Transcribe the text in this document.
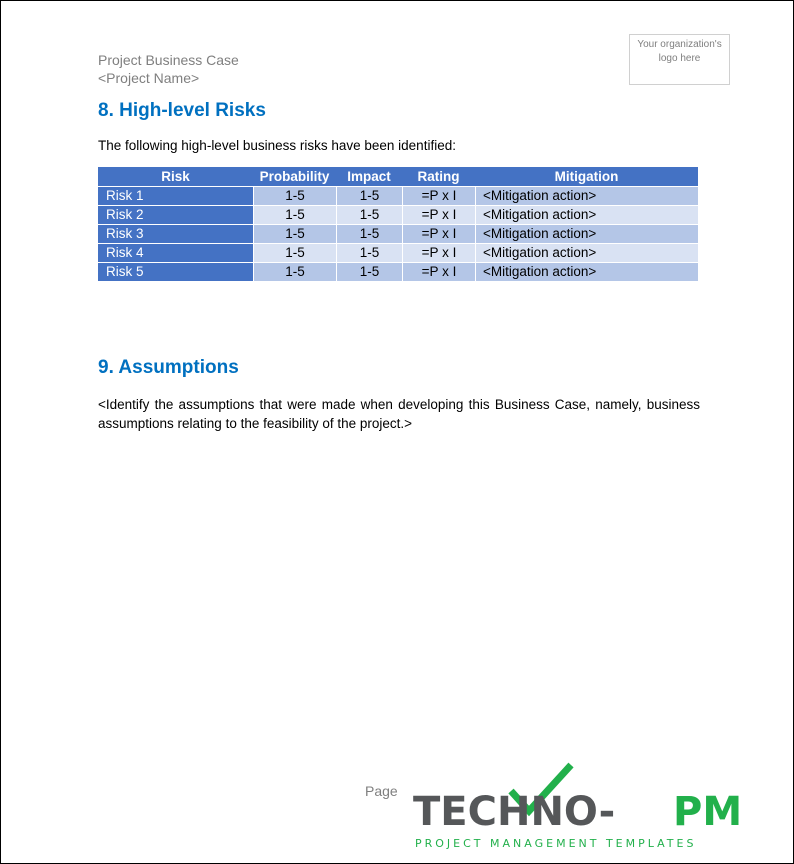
Project Business Case
<Project Name>
Your organization's logo here
8. High-level Risks
The following high-level business risks have been identified:
Risk	Probability	Impact	Rating	Mitigation
Risk 1	1-5	1-5	=P x I	<Mitigation action>
Risk 2	1-5	1-5	=P x I	<Mitigation action>
Risk 3	1-5	1-5	=P x I	<Mitigation action>
Risk 4	1-5	1-5	=P x I	<Mitigation action>
Risk 5	1-5	1-5	=P x I	<Mitigation action>
9. Assumptions
<Identify the assumptions that were made when developing this Business Case, namely, business assumptions relating to the feasibility of the project.>
Page TECHNO- PM
PROJECT MANAGEMENT TEMPLATES
